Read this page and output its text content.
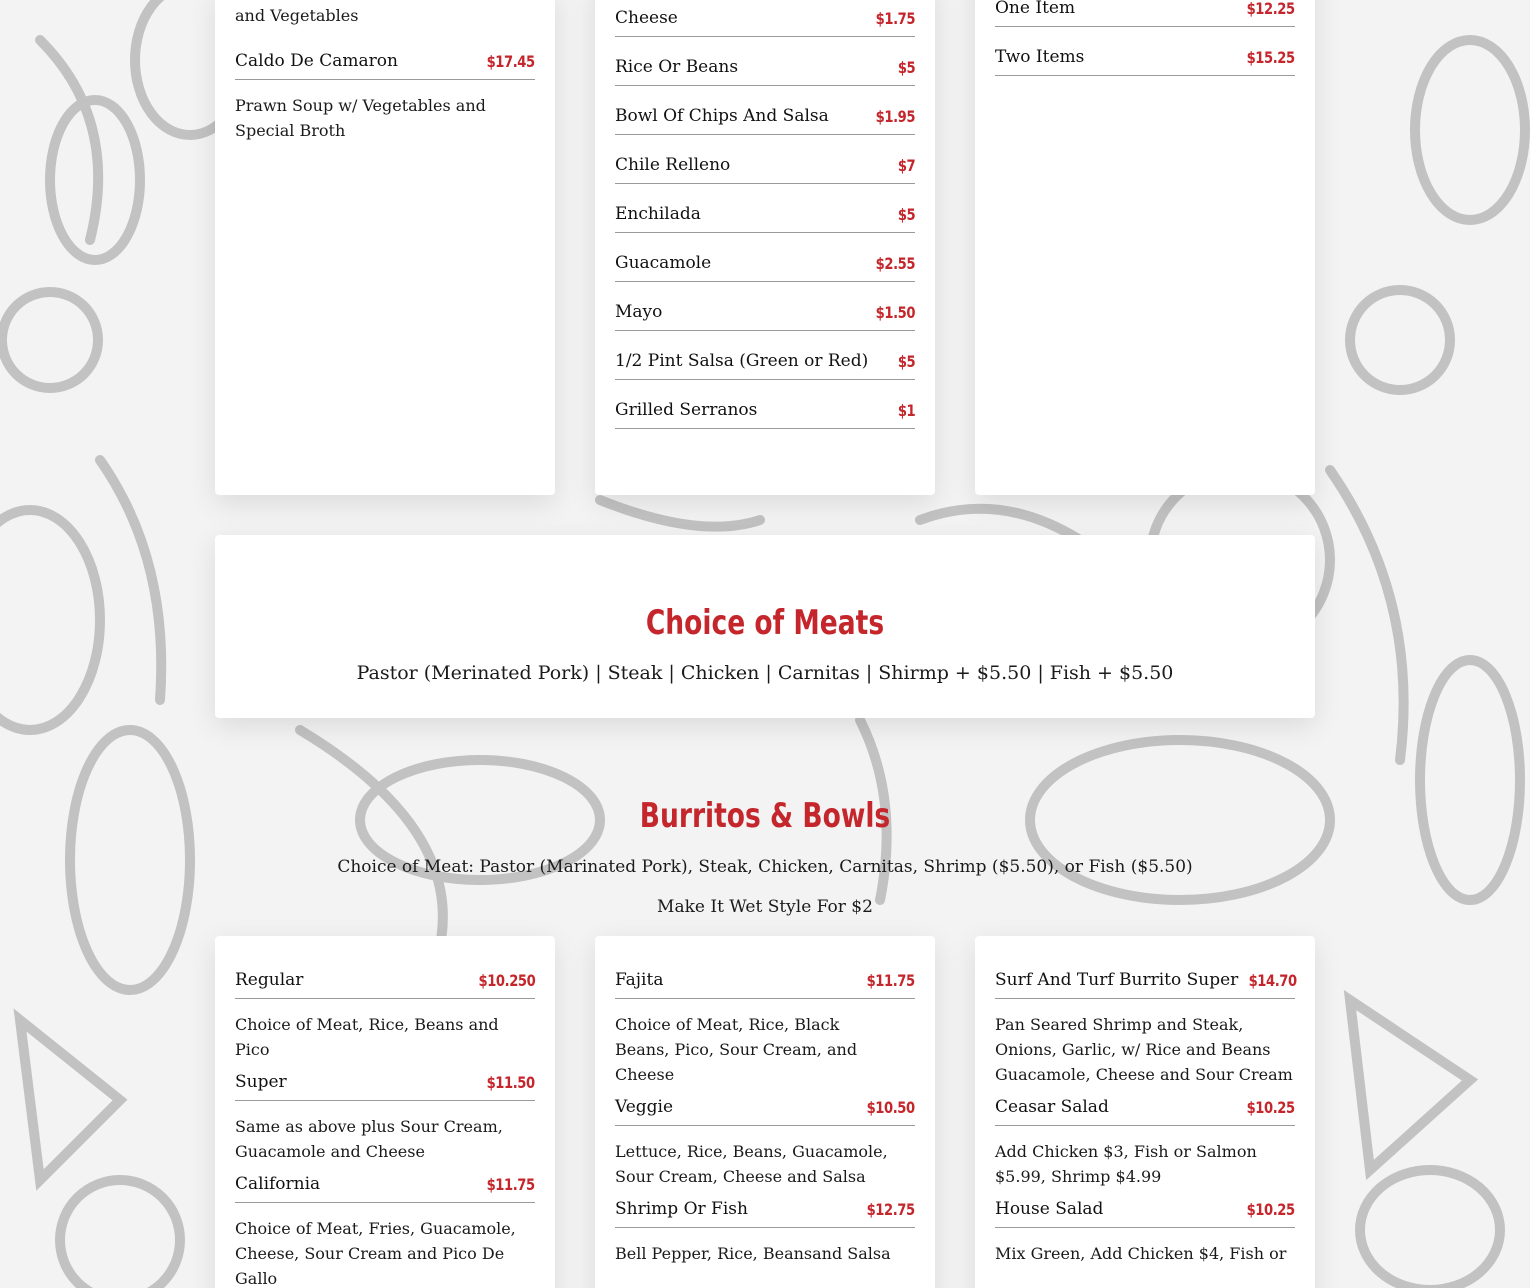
and Vegetables
Caldo De Camaron	$17.45
Prawn Soup w/ Vegetables and Special Broth
Cheese	$1.75
Rice Or Beans	$5
Bowl Of Chips And Salsa	$1.95
Chile Relleno	$7
Enchilada	$5
Guacamole	$2.55
Mayo	$1.50
1/2 Pint Salsa (Green or Red) $5
Grilled Serranos	$1
One Item	$12.25
Two Items	$15.25
Choice of Meats
Pastor (Merinated Pork) | Steak | Chicken | Carnitas | Shirmp + $5.50 | Fish + $5.50
Burritos & Bowls
Choice of Meat: Pastor (Marinated Pork), Steak, Chicken, Carnitas, Shrimp ($5.50), or Fish ($5.50)
Make It Wet Style For $2
Regular	$10.250
Choice of Meat, Rice, Beans and Pico
Super	$11.50
Same as above plus Sour Cream, Guacamole and Cheese
California	$11.75
Choice of Meat, Fries, Guacamole, Cheese, Sour Cream and Pico De Gallo
Fajita	$11.75
Choice of Meat, Rice, Black Beans, Pico, Sour Cream, and Cheese
Veggie	$10.50
Lettuce, Rice, Beans, Guacamole, Sour Cream, Cheese and Salsa
Shrimp Or Fish	$12.75
Bell Pepper, Rice, Beansand Salsa
Surf And Turf Burrito Super $14.70
Pan Seared Shrimp and Steak, Onions, Garlic, w/ Rice and Beans Guacamole, Cheese and Sour Cream
Ceasar Salad	$10.25
Add Chicken $3, Fish or Salmon $5.99, Shrimp $4.99
House Salad	$10.25
Mix Green, Add Chicken $4, Fish or
